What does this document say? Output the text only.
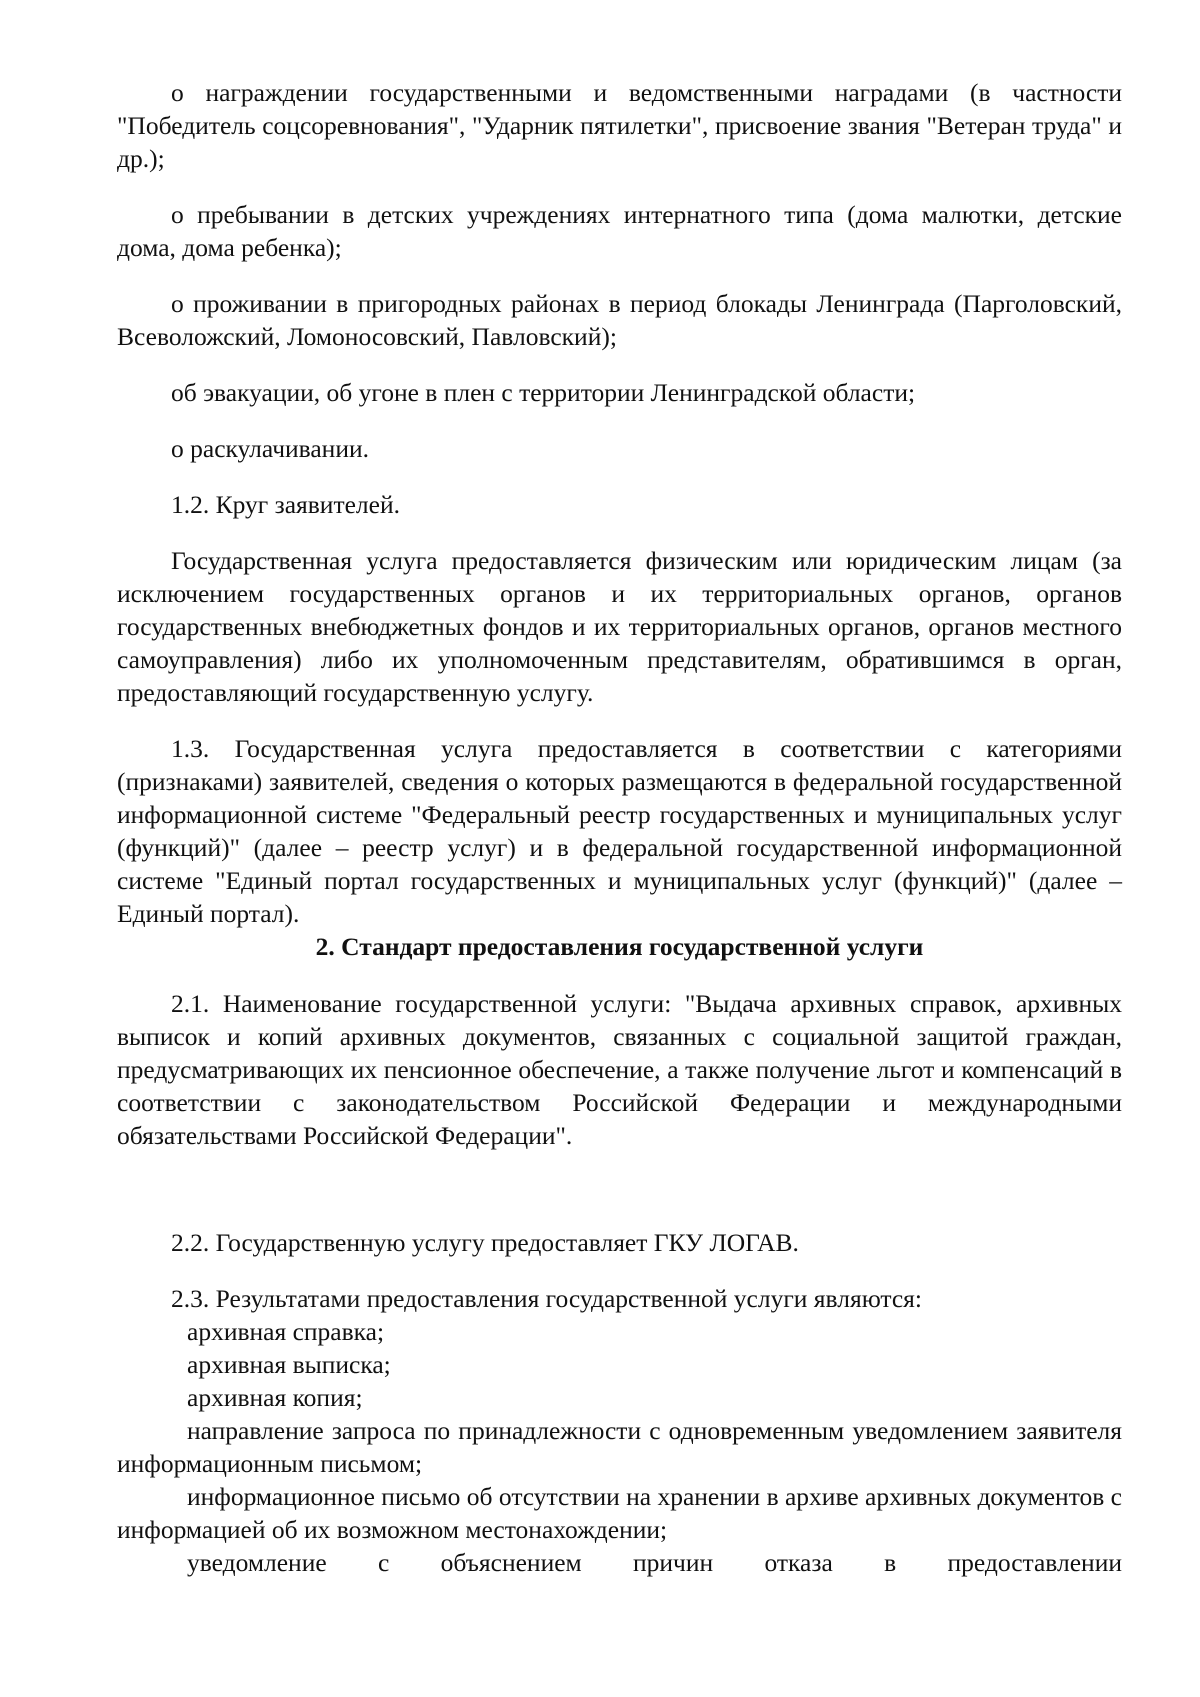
о награждении государственными и ведомственными наградами (в частности "Победитель соцсоревнования", "Ударник пятилетки", присвоение звания "Ветеран труда" и др.);

о пребывании в детских учреждениях интернатного типа (дома малютки, детские дома, дома ребенка);

о проживании в пригородных районах в период блокады Ленинграда (Парголовский, Всеволожский, Ломоносовский, Павловский);

об эвакуации, об угоне в плен с территории Ленинградской области;

о раскулачивании.

1.2. Круг заявителей.

Государственная услуга предоставляется физическим или юридическим лицам (за исключением государственных органов и их территориальных органов, органов государственных внебюджетных фондов и их территориальных органов, органов местного самоуправления) либо их уполномоченным представителям, обратившимся в орган, предоставляющий государственную услугу.

1.3. Государственная услуга предоставляется в соответствии с категориями (признаками) заявителей, сведения о которых размещаются в федеральной государственной информационной системе "Федеральный реестр государственных и муниципальных услуг (функций)" (далее – реестр услуг) и в федеральной государственной информационной системе "Единый портал государственных и муниципальных услуг (функций)" (далее – Единый портал).

2. Стандарт предоставления государственной услуги

2.1. Наименование государственной услуги: "Выдача архивных справок, архивных выписок и копий архивных документов, связанных с социальной защитой граждан, предусматривающих их пенсионное обеспечение, а также получение льгот и компенсаций в соответствии с законодательством Российской Федерации и международными обязательствами Российской Федерации".

2.2. Государственную услугу предоставляет ГКУ ЛОГАВ.

2.3. Результатами предоставления государственной услуги являются:

архивная справка;

архивная выписка;

архивная копия;

направление запроса по принадлежности с одновременным уведомлением заявителя информационным письмом;

информационное письмо об отсутствии на хранении в архиве архивных документов с информацией об их возможном местонахождении;

уведомление с объяснением причин отказа в предоставлении
